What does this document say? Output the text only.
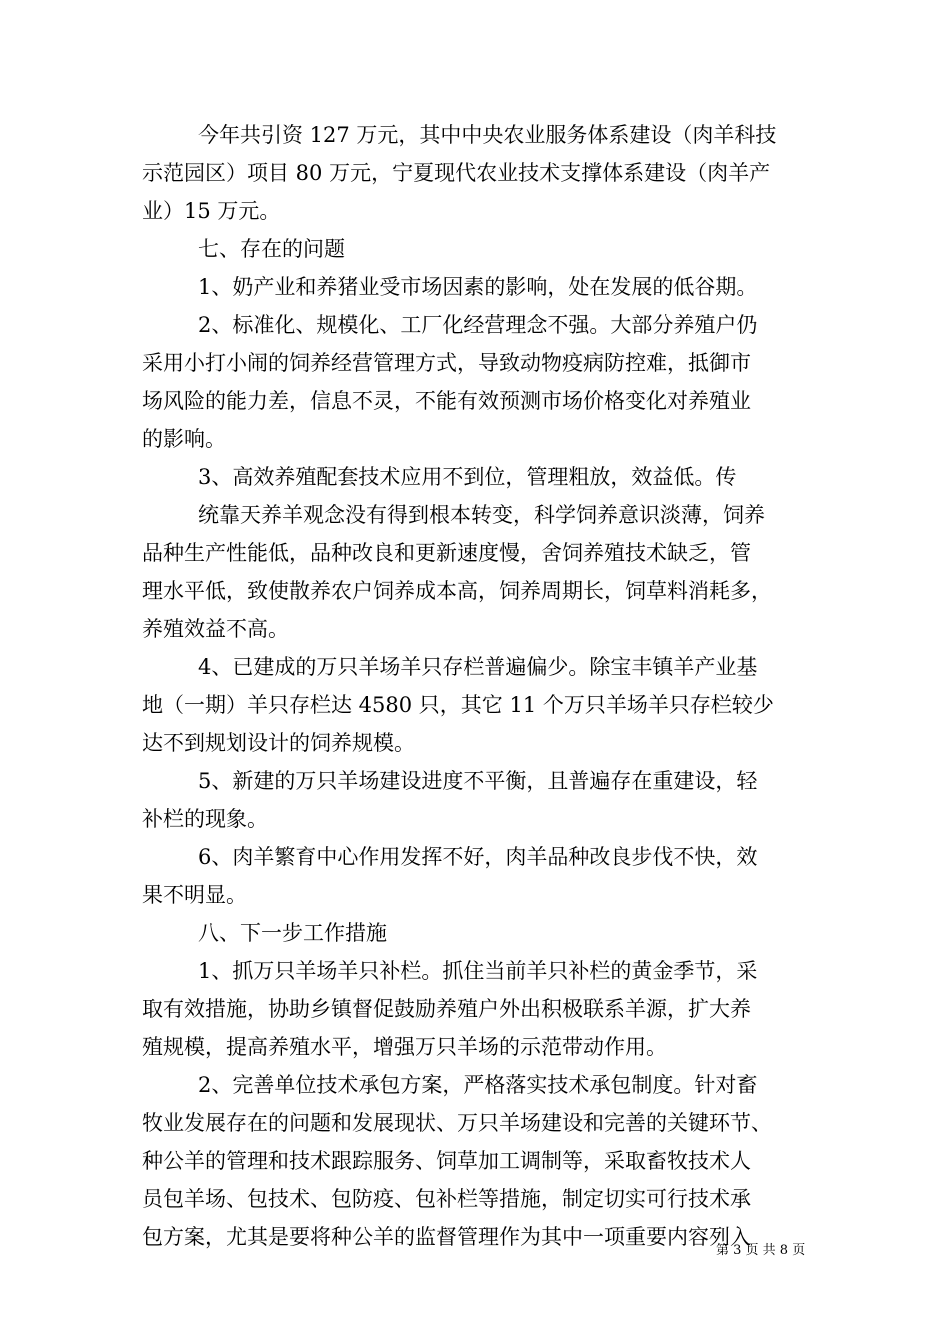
今年共引资 127 万元，其中中央农业服务体系建设（肉羊科技
示范园区）项目 80 万元，宁夏现代农业技术支撑体系建设（肉羊产
业）15 万元。
七、存在的问题
1、奶产业和养猪业受市场因素的影响，处在发展的低谷期。
2、标准化、规模化、工厂化经营理念不强。大部分养殖户仍
采用小打小闹的饲养经营管理方式，导致动物疫病防控难，抵御市
场风险的能力差，信息不灵，不能有效预测市场价格变化对养殖业
的影响。
3、高效养殖配套技术应用不到位，管理粗放，效益低。传
统靠天养羊观念没有得到根本转变，科学饲养意识淡薄，饲养
品种生产性能低，品种改良和更新速度慢，舍饲养殖技术缺乏，管
理水平低，致使散养农户饲养成本高，饲养周期长，饲草料消耗多，
养殖效益不高。
4、已建成的万只羊场羊只存栏普遍偏少。除宝丰镇羊产业基
地（一期）羊只存栏达 4580 只，其它 11 个万只羊场羊只存栏较少
达不到规划设计的饲养规模。
5、新建的万只羊场建设进度不平衡，且普遍存在重建设，轻
补栏的现象。
6、肉羊繁育中心作用发挥不好，肉羊品种改良步伐不快，效
果不明显。
八、下一步工作措施
1、抓万只羊场羊只补栏。抓住当前羊只补栏的黄金季节，采
取有效措施，协助乡镇督促鼓励养殖户外出积极联系羊源，扩大养
殖规模，提高养殖水平，增强万只羊场的示范带动作用。
2、完善单位技术承包方案，严格落实技术承包制度。针对畜
牧业发展存在的问题和发展现状、万只羊场建设和完善的关键环节、
种公羊的管理和技术跟踪服务、饲草加工调制等，采取畜牧技术人
员包羊场、包技术、包防疫、包补栏等措施，制定切实可行技术承
包方案，尤其是要将种公羊的监督管理作为其中一项重要内容列入
第 3 页 共 8 页
